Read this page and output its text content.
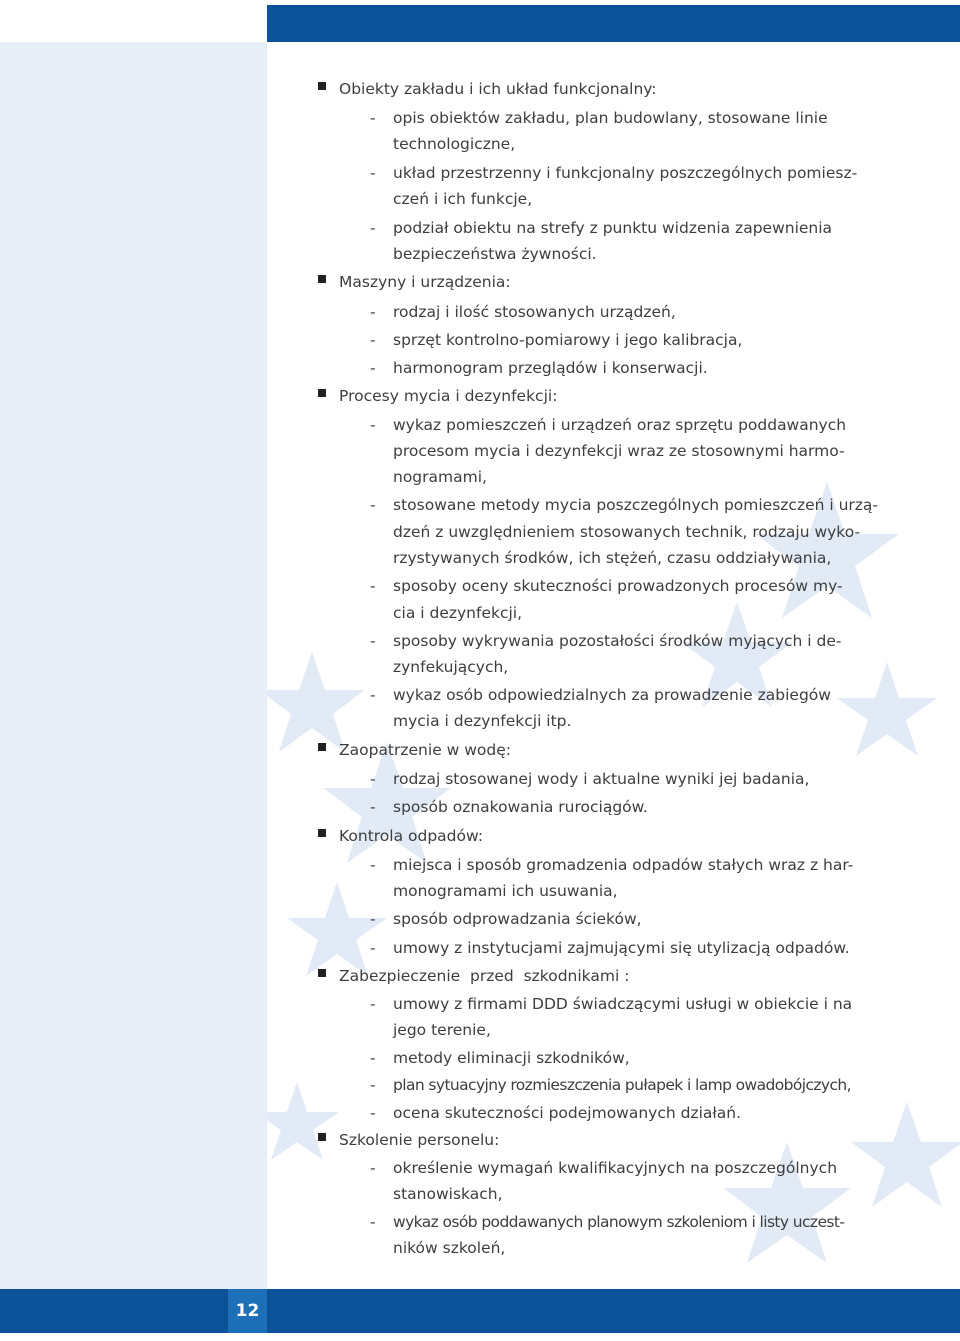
Obiekty zakładu i ich układ funkcjonalny:
- opis obiektów zakładu, plan budowlany, stosowane linie
technologiczne,
- układ przestrzenny i funkcjonalny poszczególnych pomiesz-
czeń i ich funkcje,
- podział obiektu na strefy z punktu widzenia zapewnienia
bezpieczeństwa żywności.
Maszyny i urządzenia:
- rodzaj i ilość stosowanych urządzeń,
- sprzęt kontrolno-pomiarowy i jego kalibracja,
- harmonogram przeglądów i konserwacji.
Procesy mycia i dezynfekcji:
- wykaz pomieszczeń i urządzeń oraz sprzętu poddawanych
procesom mycia i dezynfekcji wraz ze stosownymi harmo-
nogramami,
- stosowane metody mycia poszczególnych pomieszczeń i urzą-
dzeń z uwzględnieniem stosowanych technik, rodzaju wyko-
rzystywanych środków, ich stężeń, czasu oddziaływania,
- sposoby oceny skuteczności prowadzonych procesów my-
cia i dezynfekcji,
- sposoby wykrywania pozostałości środków myjących i de-
zynfekujących,
- wykaz osób odpowiedzialnych za prowadzenie zabiegów
mycia i dezynfekcji itp.
Zaopatrzenie w wodę:
- rodzaj stosowanej wody i aktualne wyniki jej badania,
- sposób oznakowania rurociągów.
Kontrola odpadów:
- miejsca i sposób gromadzenia odpadów stałych wraz z har-
monogramami ich usuwania,
- sposób odprowadzania ścieków,
- umowy z instytucjami zajmującymi się utylizacją odpadów.
Zabezpieczenie  przed  szkodnikami :
- umowy z firmami DDD świadczącymi usługi w obiekcie i na
jego terenie,
- metody eliminacji szkodników,
- plan sytuacyjny rozmieszczenia pułapek i lamp owadobójczych,
- ocena skuteczności podejmowanych działań.
Szkolenie personelu:
- określenie wymagań kwalifikacyjnych na poszczególnych
stanowiskach,
- wykaz osób poddawanych planowym szkoleniom i listy uczest-
ników szkoleń,
12
